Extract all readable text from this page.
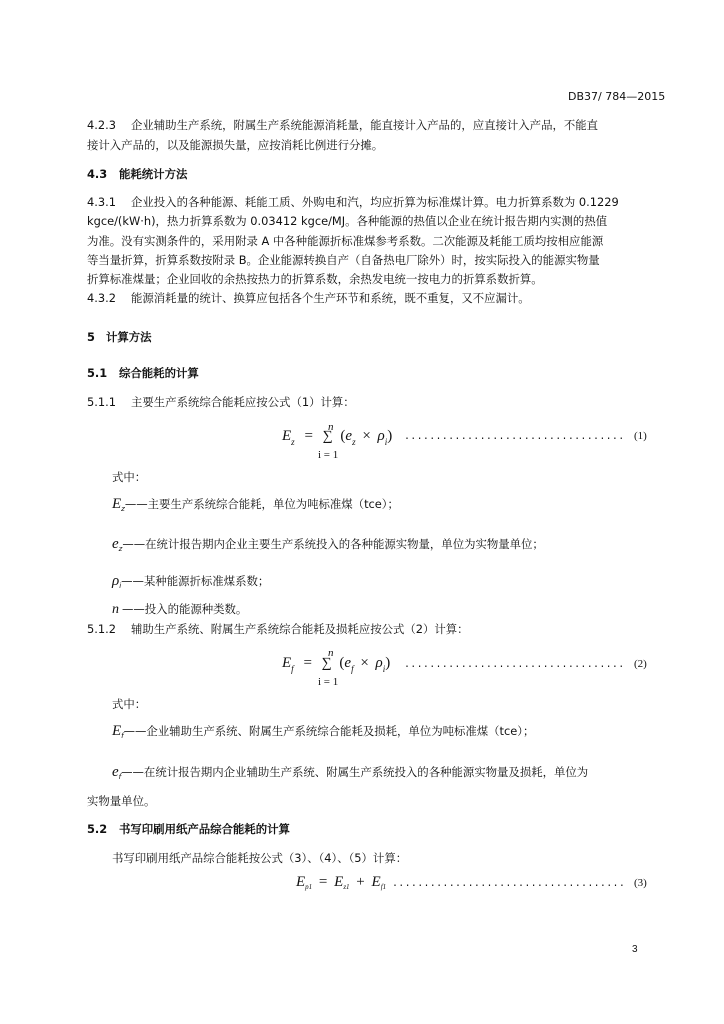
DB37/ 784—2015
4.2.3 企业辅助生产系统，附属生产系统能源消耗量，能直接计入产品的，应直接计入产品，不能直
接计入产品的，以及能源损失量，应按消耗比例进行分摊。
4.3 能耗统计方法
4.3.1 企业投入的各种能源、耗能工质、外购电和汽，均应折算为标准煤计算。电力折算系数为 0.1229
kgce/(kW·h)，热力折算系数为 0.03412 kgce/MJ。各种能源的热值以企业在统计报告期内实测的热值
为准。没有实测条件的，采用附录 A 中各种能源折标准煤参考系数。二次能源及耗能工质均按相应能源
等当量折算，折算系数按附录 B。企业能源转换自产（自备热电厂除外）时，按实际投入的能源实物量
折算标准煤量；企业回收的余热按热力的折算系数，余热发电统一按电力的折算系数折算。
4.3.2 能源消耗量的统计、换算应包括各个生产环节和系统，既不重复，又不应漏计。
5 计算方法
5.1 综合能耗的计算
5.1.1 主要生产系统综合能耗应按公式（1）计算：
$E_z$ = ∑ $(e_z \times \rho_i)$
n
i = 1
................................... (1)
式中：
$E_z——$主要生产系统综合能耗，单位为吨标准煤（tce）；
$e_z——$在统计报告期内企业主要生产系统投入的各种能源实物量，单位为实物量单位；
$\rho_i——$某种能源折标准煤系数；
n ——投入的能源种类数。
5.1.2 辅助生产系统、附属生产系统综合能耗及损耗应按公式（2）计算：
$E_f$ = ∑ $(e_f \times \rho_i)$
n
i = 1
................................... (2)
式中：
$E_f——$企业辅助生产系统、附属生产系统综合能耗及损耗，单位为吨标准煤（tce）；
$e_f——$在统计报告期内企业辅助生产系统、附属生产系统投入的各种能源实物量及损耗，单位为
实物量单位。
5.2 书写印刷用纸产品综合能耗的计算
书写印刷用纸产品综合能耗按公式（3）、（4）、（5）计算：
$E_{p1} = E_{z1} + E_{f1}$ ..................................... (3)
3
